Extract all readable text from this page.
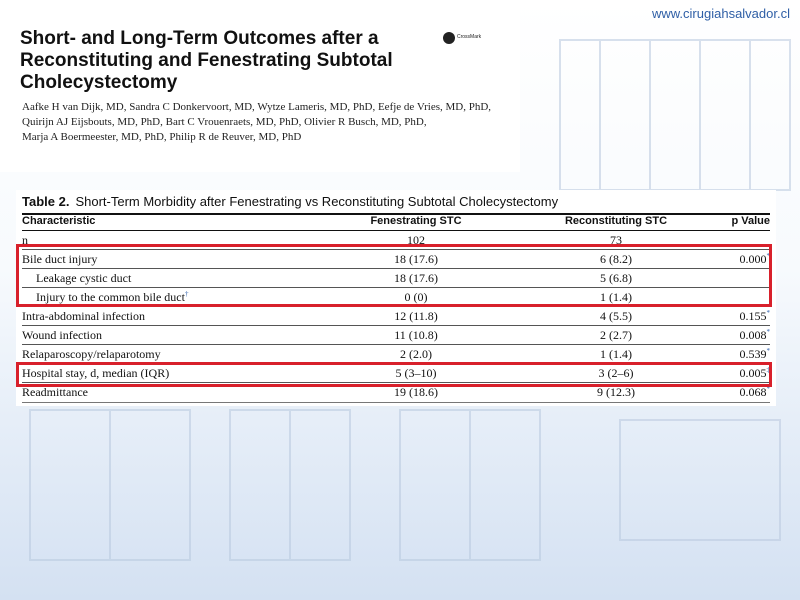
www.cirugiahsalvador.cl
Short- and Long-Term Outcomes after a
Reconstituting and Fenestrating Subtotal
Cholecystectomy
CrossMark
Aafke H van Dijk, MD, Sandra C Donkervoort, MD, Wytze Lameris, MD, PhD, Eefje de Vries, MD, PhD,
Quirijn AJ Eijsbouts, MD, PhD, Bart C Vrouenraets, MD, PhD, Olivier R Busch, MD, PhD,
Marja A Boermeester, MD, PhD, Philip R de Reuver, MD, PhD
Table 2. Short-Term Morbidity after Fenestrating vs Reconstituting Subtotal Cholecystectomy
Characteristic	Fenestrating STC	Reconstituting STC	p Value
n	102	73
Bile duct injury	18 (17.6)	6 (8.2)	0.000*
Leakage cystic duct	18 (17.6)	5 (6.8)
Injury to the common bile duct†	0 (0)	1 (1.4)
Intra-abdominal infection	12 (11.8)	4 (5.5)	0.155*
Wound infection	11 (10.8)	2 (2.7)	0.008*
Relaparoscopy/relaparotomy	2 (2.0)	1 (1.4)	0.539*
Hospital stay, d, median (IQR)	5 (3–10)	3 (2–6)	0.005‡
Readmittance	19 (18.6)	9 (12.3)	0.068*
